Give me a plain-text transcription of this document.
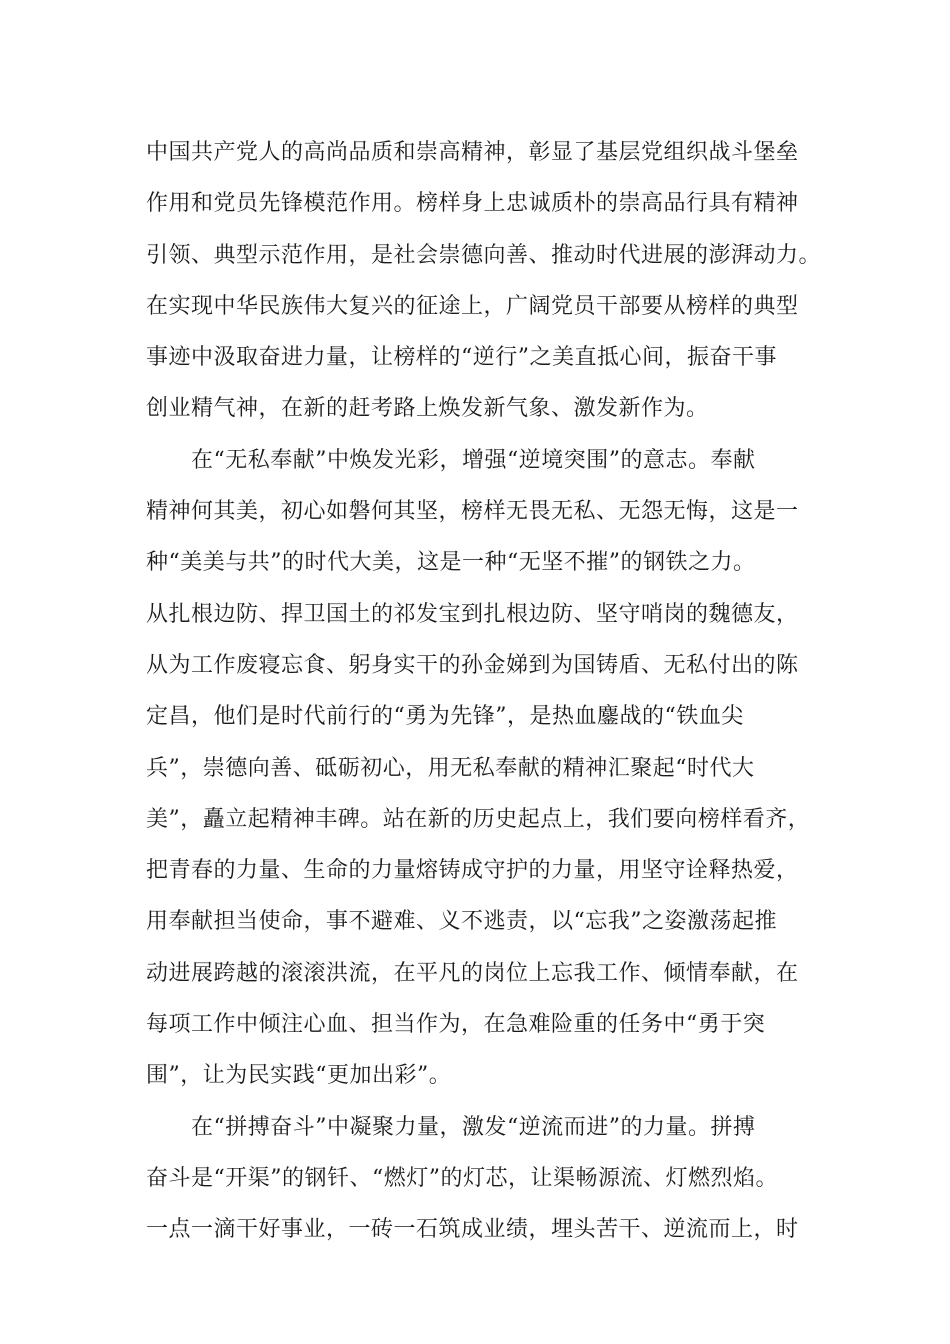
中国共产党人的高尚品质和崇高精神，彰显了基层党组织战斗堡垒
作用和党员先锋模范作用。榜样身上忠诚质朴的崇高品行具有精神
引领、典型示范作用，是社会崇德向善、推动时代进展的澎湃动力。
在实现中华民族伟大复兴的征途上，广阔党员干部要从榜样的典型
事迹中汲取奋进力量，让榜样的“逆行”之美直抵心间，振奋干事
创业精气神，在新的赶考路上焕发新气象、激发新作为。
　　在“无私奉献”中焕发光彩，增强“逆境突围”的意志。奉献
精神何其美，初心如磐何其坚，榜样无畏无私、无怨无悔，这是一
种“美美与共”的时代大美，这是一种“无坚不摧”的钢铁之力。
从扎根边防、捍卫国土的祁发宝到扎根边防、坚守哨岗的魏德友，
从为工作废寝忘食、躬身实干的孙金娣到为国铸盾、无私付出的陈
定昌，他们是时代前行的“勇为先锋”，是热血鏖战的“铁血尖
兵”，崇德向善、砥砺初心，用无私奉献的精神汇聚起“时代大
美”，矗立起精神丰碑。站在新的历史起点上，我们要向榜样看齐，
把青春的力量、生命的力量熔铸成守护的力量，用坚守诠释热爱，
用奉献担当使命，事不避难、义不逃责，以“忘我”之姿激荡起推
动进展跨越的滚滚洪流，在平凡的岗位上忘我工作、倾情奉献，在
每项工作中倾注心血、担当作为，在急难险重的任务中“勇于突
围”，让为民实践“更加出彩”。
　　在“拼搏奋斗”中凝聚力量，激发“逆流而进”的力量。拼搏
奋斗是“开渠”的钢钎、“燃灯”的灯芯，让渠畅源流、灯燃烈焰。
一点一滴干好事业，一砖一石筑成业绩，埋头苦干、逆流而上，时
